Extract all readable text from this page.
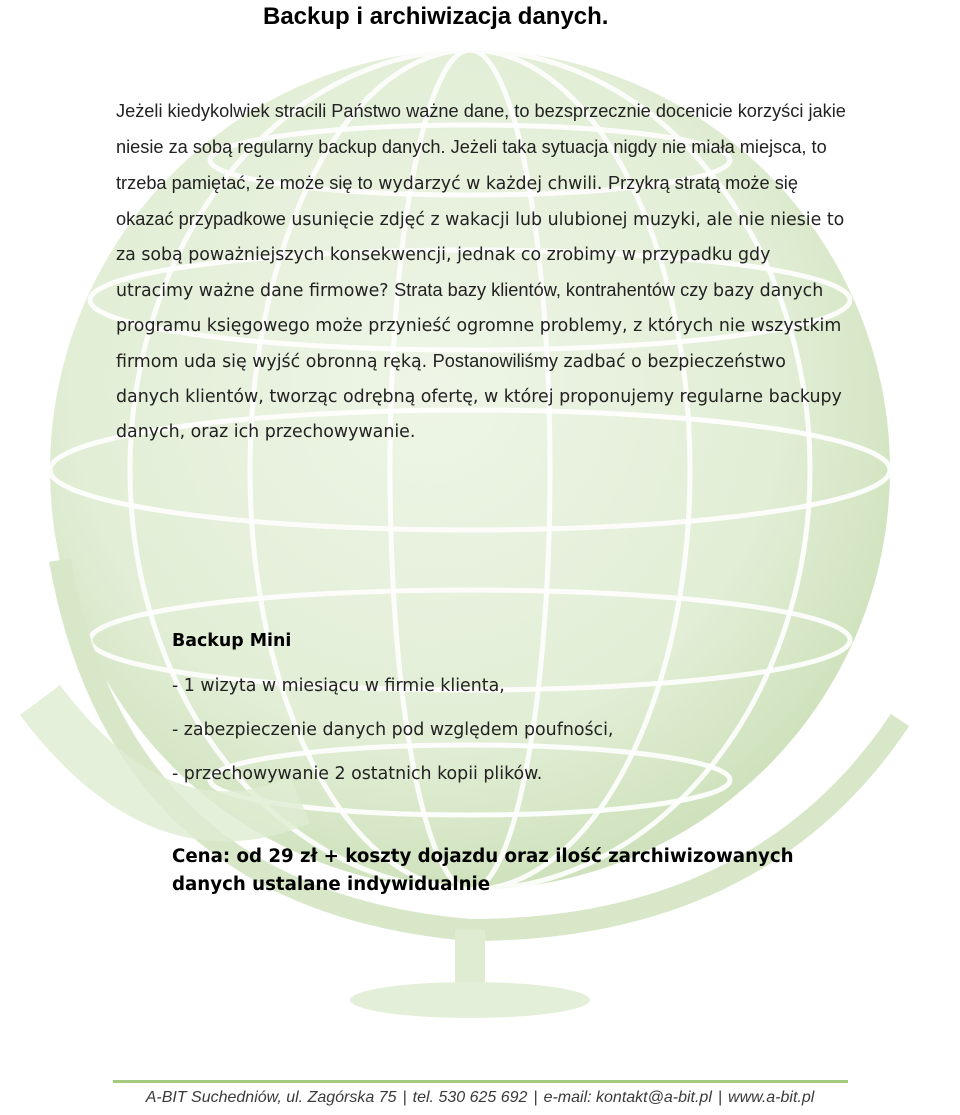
Backup i archiwizacja danych.

Jeżeli kiedykolwiek stracili Państwo ważne dane, to bezsprzecznie docenicie korzyści jakie niesie za sobą regularny backup danych. Jeżeli taka sytuacja nigdy nie miała miejsca, to trzeba pamiętać, że może się to wydarzyć w każdej chwili. Przykrą stratą może się okazać przypadkowe usunięcie zdjęć z wakacji lub ulubionej muzyki, ale nie niesie to za sobą poważniejszych konsekwencji, jednak co zrobimy w przypadku gdy utracimy ważne dane firmowe? Strata bazy klientów, kontrahentów czy bazy danych programu księgowego może przynieść ogromne problemy, z których nie wszystkim firmom uda się wyjść obronną ręką. Postanowiliśmy zadbać o bezpieczeństwo danych klientów, tworząc odrębną ofertę, w której proponujemy regularne backupy danych, oraz ich przechowywanie.

Backup Mini
- 1 wizyta w miesiącu w firmie klienta,
- zabezpieczenie danych pod względem poufności,
- przechowywanie 2 ostatnich kopii plików.

Cena: od 29 zł + koszty dojazdu oraz ilość zarchiwizowanych danych ustalane indywidualnie

A-BIT Suchedniów, ul. Zagórska 75 | tel. 530 625 692 | e-mail: kontakt@a-bit.pl | www.a-bit.pl
